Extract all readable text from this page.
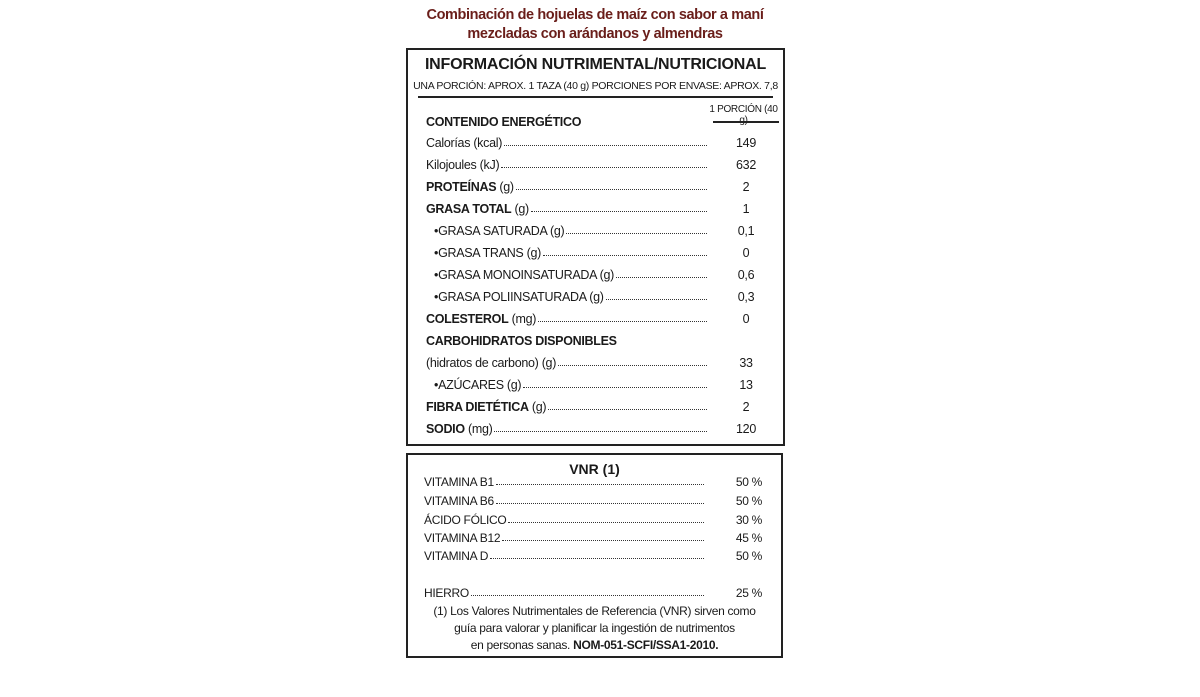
Combinación de hojuelas de maíz con sabor a maní
mezcladas con arándanos y almendras
INFORMACIÓN NUTRIMENTAL/NUTRICIONAL
UNA PORCIÓN: APROX. 1 TAZA (40 g) PORCIONES POR ENVASE: APROX. 7,8
1 PORCIÓN (40 g)
CONTENIDO ENERGÉTICO
Calorías (kcal)	149
Kilojoules (kJ)	632
PROTEÍNAS (g)	2
GRASA TOTAL (g)	1
•GRASA SATURADA (g)	0,1
•GRASA TRANS (g)	0
•GRASA MONOINSATURADA (g)	0,6
•GRASA POLIINSATURADA (g)	0,3
COLESTEROL (mg)	0
CARBOHIDRATOS DISPONIBLES
(hidratos de carbono) (g)	33
•AZÚCARES (g)	13
FIBRA DIETÉTICA (g)	2
SODIO (mg)	120
VNR (1)
VITAMINA B1	50 %
VITAMINA B6	50 %
ÁCIDO FÓLICO	30 %
VITAMINA B12	45 %
VITAMINA D	50 %
HIERRO	25 %
(1) Los Valores Nutrimentales de Referencia (VNR) sirven como
guía para valorar y planificar la ingestión de nutrimentos
en personas sanas. NOM-051-SCFI/SSA1-2010.
